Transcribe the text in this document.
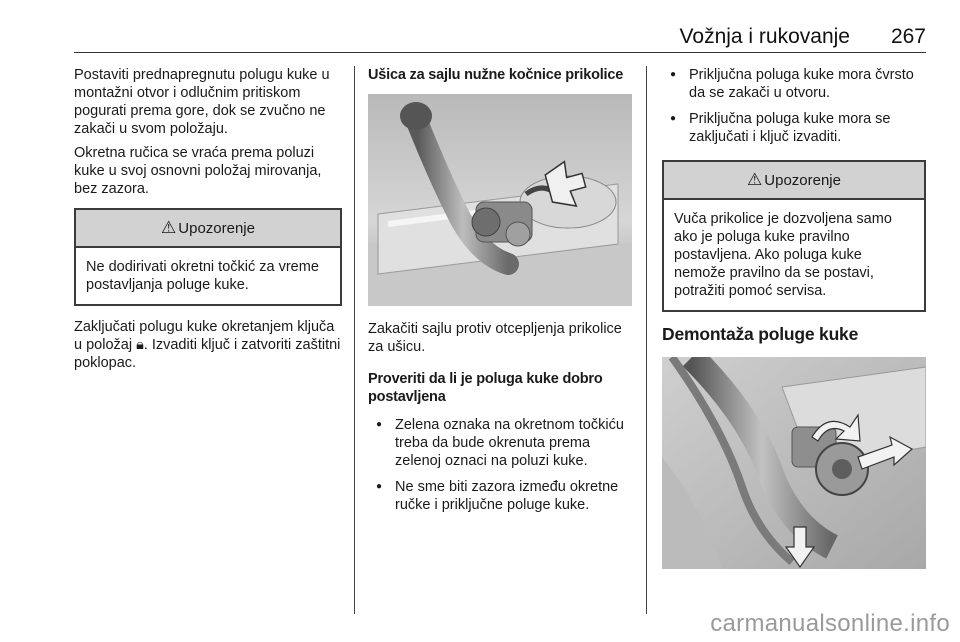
Vožnja i rukovanje 267

Postaviti prednapregnutu polugu kuke u montažni otvor i odlučnim pritiskom pogurati prema gore, dok se zvučno ne zakači u svom položaju.

Okretna ručica se vraća prema poluzi kuke u svoj osnovni položaj mirovanja, bez zazora.

⚠ Upozorenje
Ne dodirivati okretni točkić za vreme postavljanja poluge kuke.

Zaključati polugu kuke okretanjem ključa u položaj 🔒︎. Izvaditi ključ i zatvoriti zaštitni poklopac.

Ušica za sajlu nužne kočnice prikolice

Zakačiti sajlu protiv otcepljenja prikolice za ušicu.

Proveriti da li je poluga kuke dobro postavljena
● Zelena oznaka na okretnom točkiću treba da bude okrenuta prema zelenoj oznaci na poluzi kuke.
● Ne sme biti zazora između okretne ručke i priključne poluge kuke.
● Priključna poluga kuke mora čvrsto da se zakači u otvoru.
● Priključna poluga kuke mora se zaključati i ključ izvaditi.
⚠ Upozorenje
Vuča prikolice je dozvoljena samo ako je poluga kuke pravilno postavljena. Ako poluga kuke nemože pravilno da se postavi, potražiti pomoć servisa.
Demontaža poluge kuke
carmanualsonline.info
